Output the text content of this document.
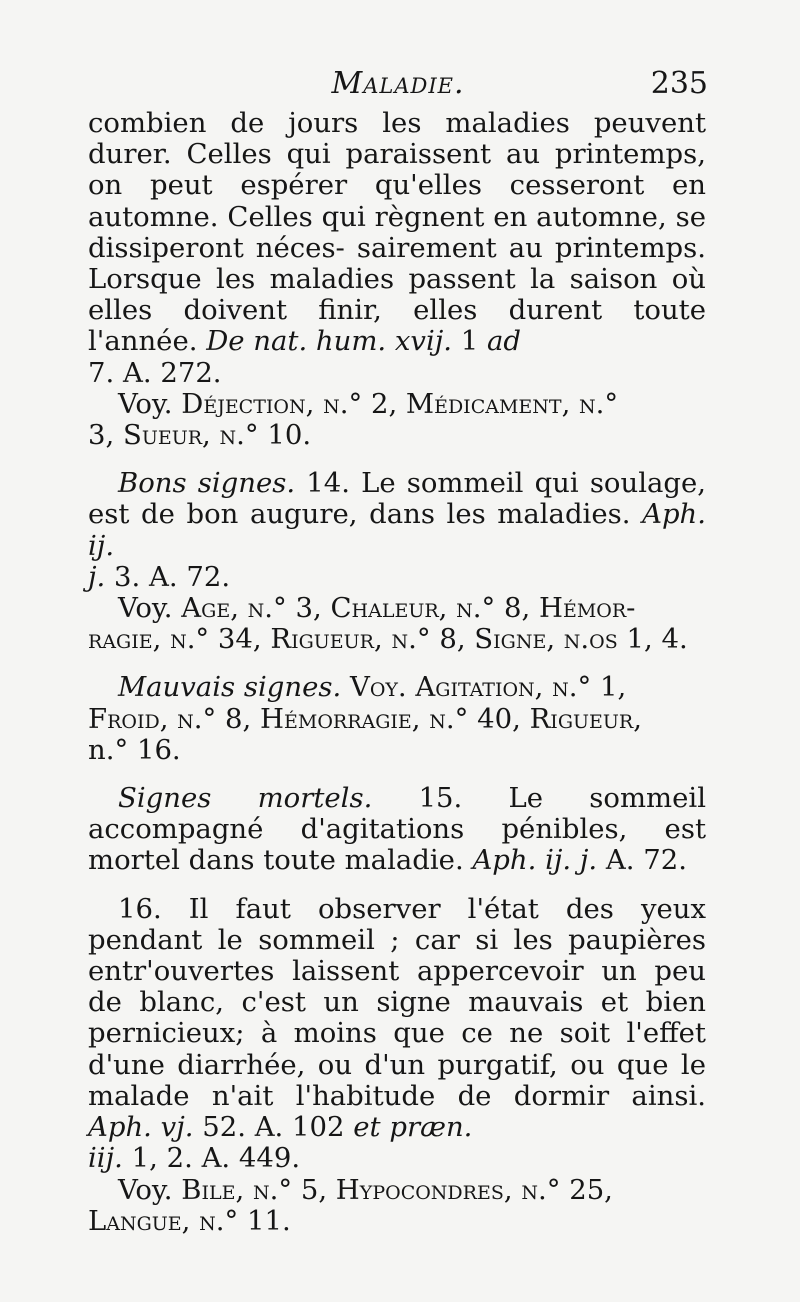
Maladie.	235

combien de jours les maladies peuvent durer. Celles qui paraissent au printemps, on peut espérer qu'elles cesseront en automne. Celles qui règnent en automne, se dissiperont néces- sairement au printemps. Lorsque les maladies passent la saison où elles doivent finir, elles durent toute l'année. De nat. hum. xvij. 1 ad
7. A. 272.

Voy. Déjection, n.° 2, Médicament, n.°
3, Sueur, n.° 10.

Bons signes. 14. Le sommeil qui soulage, est de bon augure, dans les maladies. Aph. ij.
j. 3. A. 72.

Voy. Age, n.° 3, Chaleur, n.° 8, Hémor-
ragie, n.° 34, Rigueur, n.° 8, Signe, n.os 1, 4.

Mauvais signes. Voy. Agitation, n.° 1,
Froid, n.° 8, Hémorragie, n.° 40, Rigueur,
n.° 16.

Signes mortels. 15. Le sommeil accompagné d'agitations pénibles, est mortel dans toute maladie. Aph. ij. j. A. 72.

16. Il faut observer l'état des yeux pendant le sommeil ; car si les paupières entr'ouvertes laissent appercevoir un peu de blanc, c'est un signe mauvais et bien pernicieux; à moins que ce ne soit l'effet d'une diarrhée, ou d'un purgatif, ou que le malade n'ait l'habitude de dormir ainsi. Aph. vj. 52. A. 102 et præn.
iij. 1, 2. A. 449.

Voy. Bile, n.° 5, Hypocondres, n.° 25,
Langue, n.° 11.
